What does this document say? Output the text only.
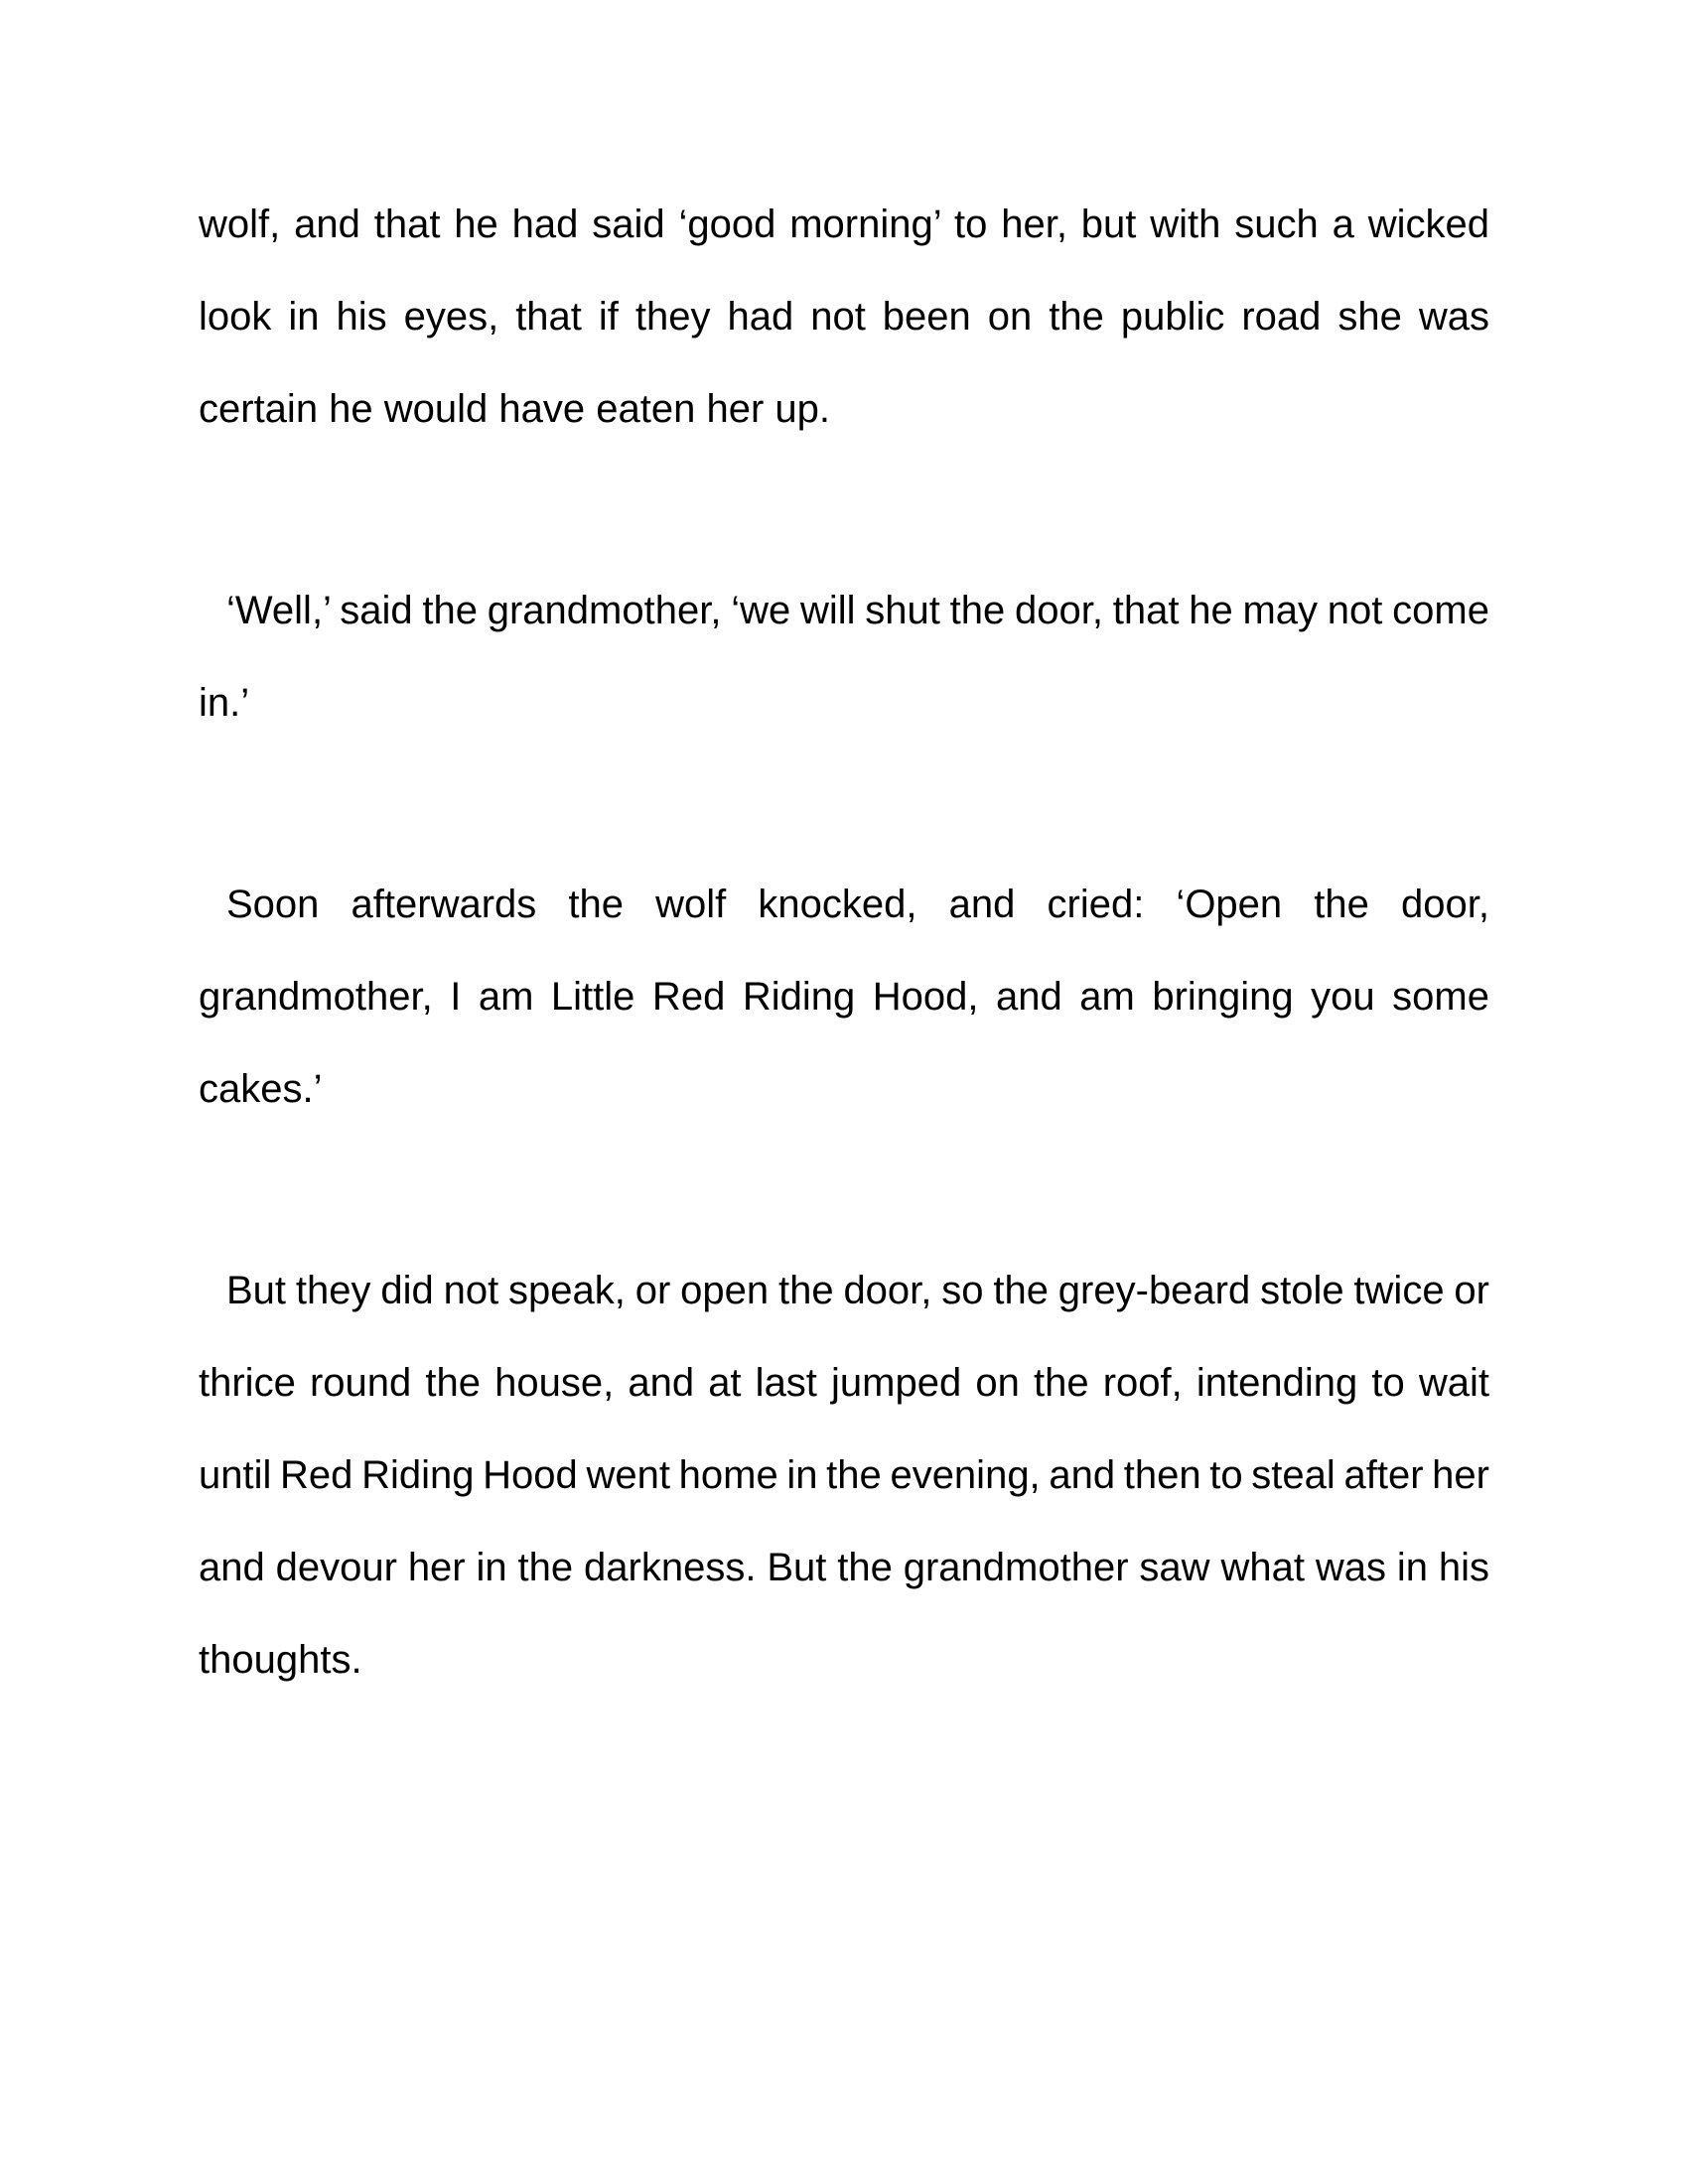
wolf, and that he had said ‘good morning’ to her, but with such a wicked
look in his eyes, that if they had not been on the public road she was
certain he would have eaten her up.
‘Well,’ said the grandmother, ‘we will shut the door, that he may not come
in.’
Soon afterwards the wolf knocked, and cried: ‘Open the door,
grandmother, I am Little Red Riding Hood, and am bringing you some
cakes.’
But they did not speak, or open the door, so the grey-beard stole twice or
thrice round the house, and at last jumped on the roof, intending to wait
until Red Riding Hood went home in the evening, and then to steal after her
and devour her in the darkness. But the grandmother saw what was in his
thoughts.
